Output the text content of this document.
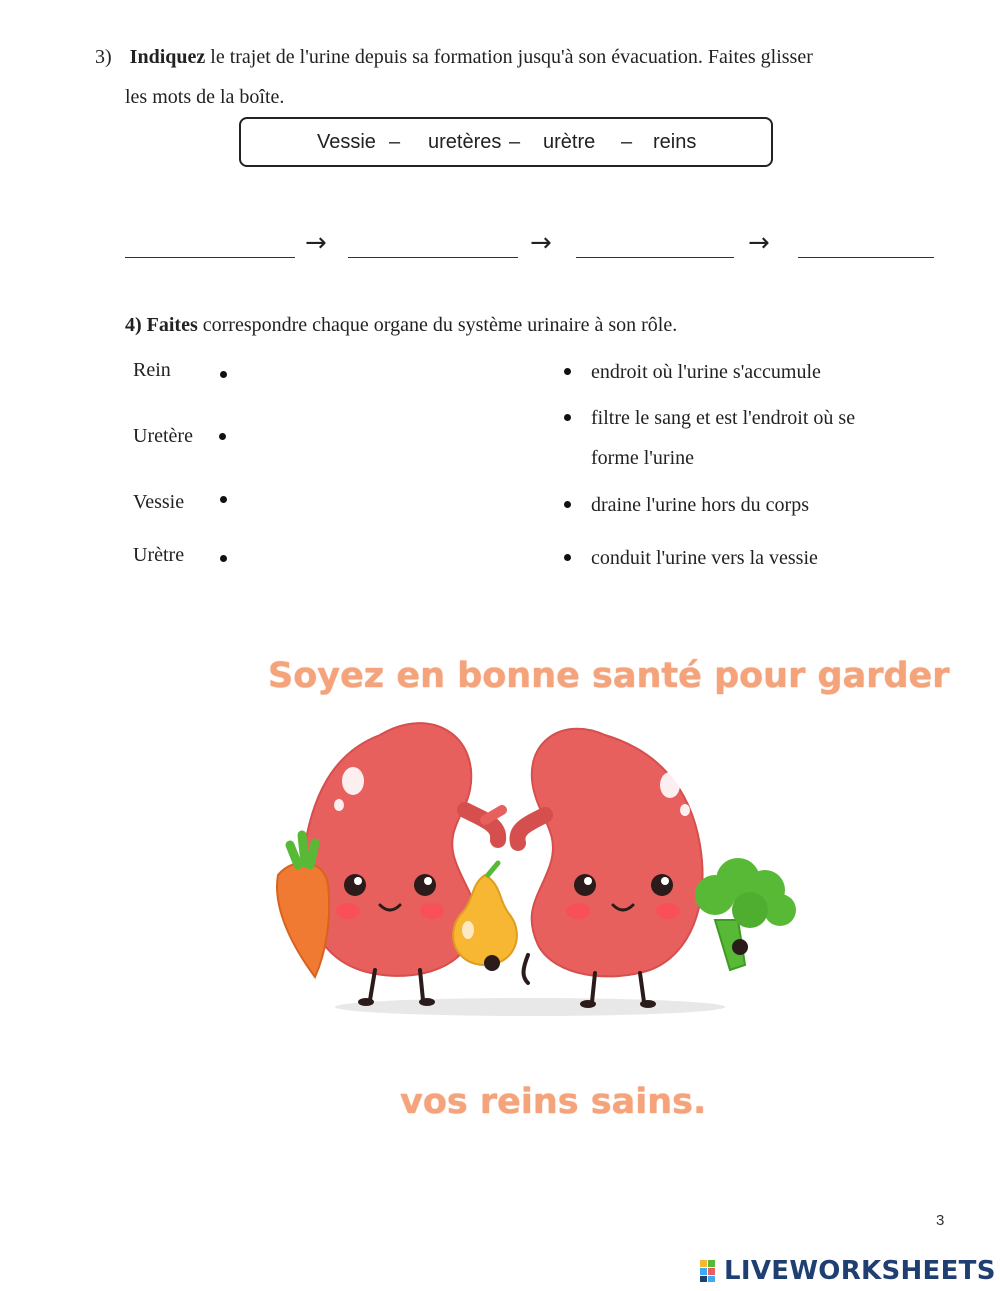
3) Indiquez le trajet de l'urine depuis sa formation jusqu'à son évacuation. Faites glisser
les mots de la boîte.
Vessie – uretères – urètre – reins
→	→	→
4) Faites correspondre chaque organe du système urinaire à son rôle.
Rein
Uretère
Vessie
Urètre
endroit où l'urine s'accumule
filtre le sang et est l'endroit où se
forme l'urine
draine l'urine hors du corps
conduit l'urine vers la vessie
Soyez en bonne santé pour garder
vos reins sains.
3
LIVEWORKSHEETS
